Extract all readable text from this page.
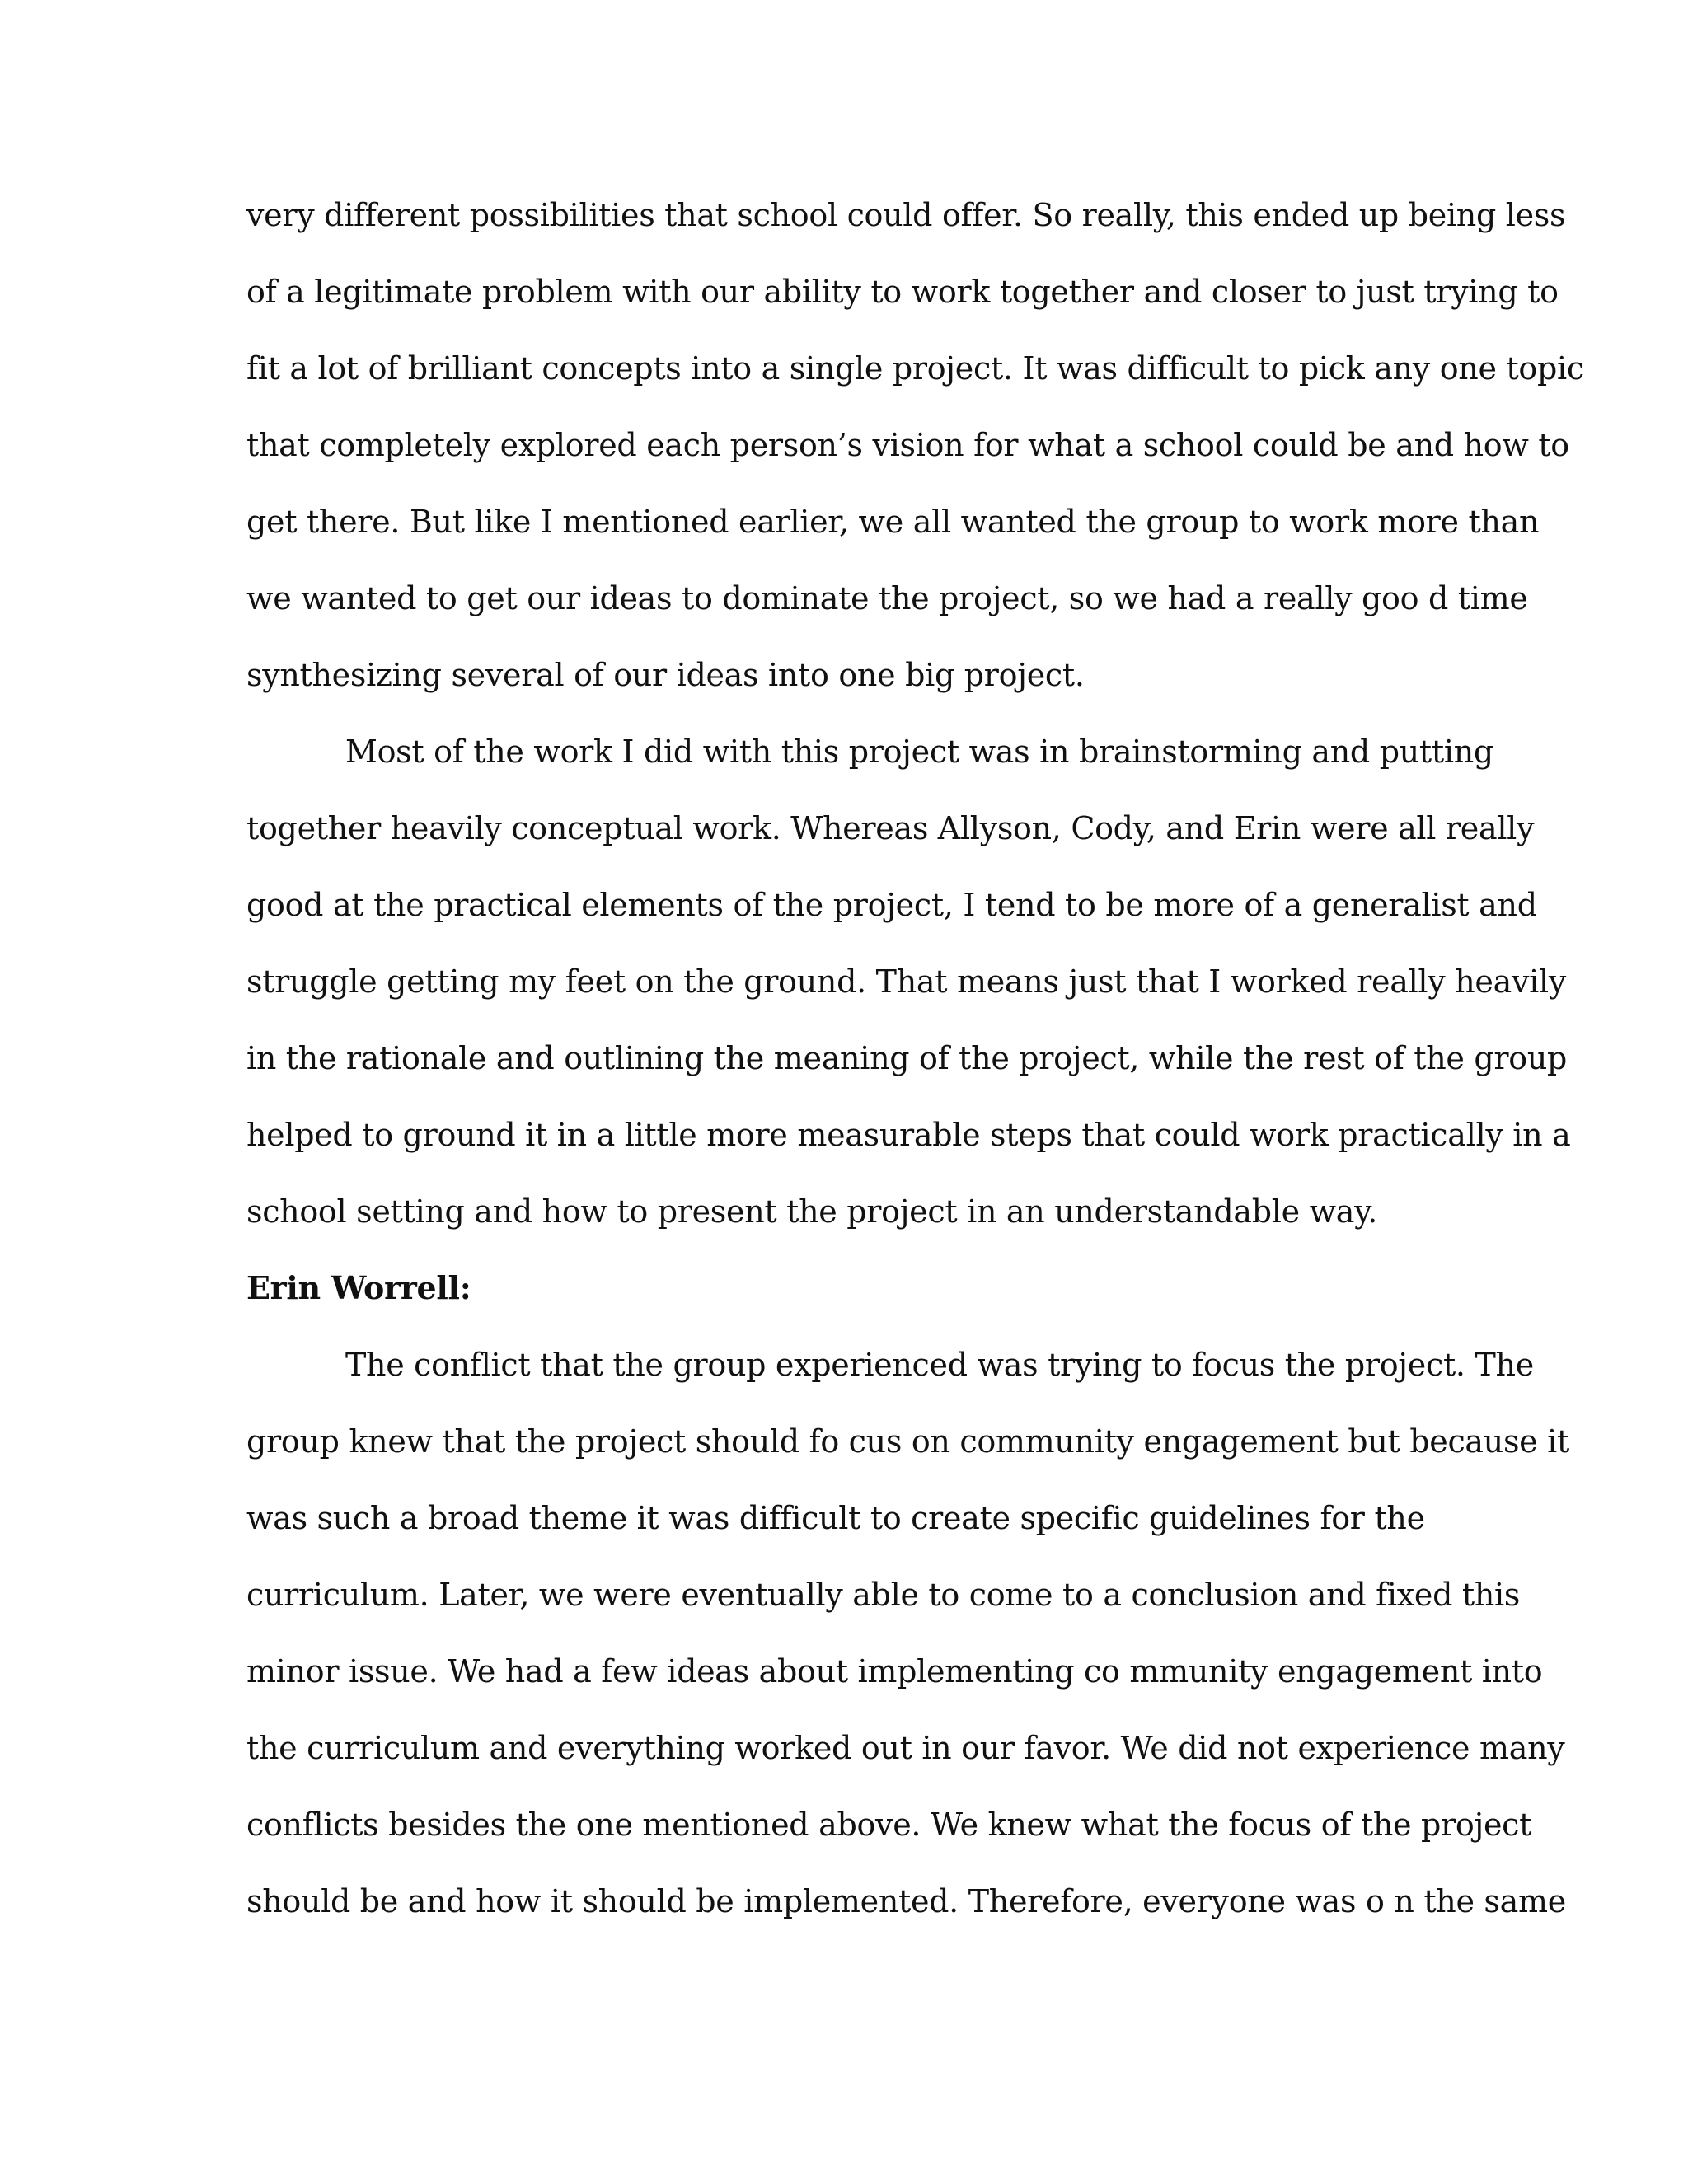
very different possibilities that school could offer. So really, this ended up being less
of a legitimate problem with our ability to work together and closer to just trying to
fit a lot of brilliant concepts into a single project. It was difficult to pick any one topic
that completely explored each person’s vision for what a school could be and how to
get there. But like I mentioned earlier, we all wanted the group to work more than
we wanted to get our ideas to dominate the project, so we had a really goo d time
synthesizing several of our ideas into one big project.
Most of the work I did with this project was in brainstorming and putting
together heavily conceptual work. Whereas Allyson, Cody, and Erin were all really
good at the practical elements of the project, I tend to be more of a generalist and
struggle getting my feet on the ground. That means just that I worked really heavily
in the rationale and outlining the meaning of the project, while the rest of the group
helped to ground it in a little more measurable steps that could work practically in a
school setting and how to present the project in an understandable way.
Erin Worrell:
The conflict that the group experienced was trying to focus the project. The
group knew that the project should fo cus on community engagement but because it
was such a broad theme it was difficult to create specific guidelines for the
curriculum. Later, we were eventually able to come to a conclusion and fixed this
minor issue. We had a few ideas about implementing co mmunity engagement into
the curriculum and everything worked out in our favor. We did not experience many
conflicts besides the one mentioned above. We knew what the focus of the project
should be and how it should be implemented. Therefore, everyone was o n the same
